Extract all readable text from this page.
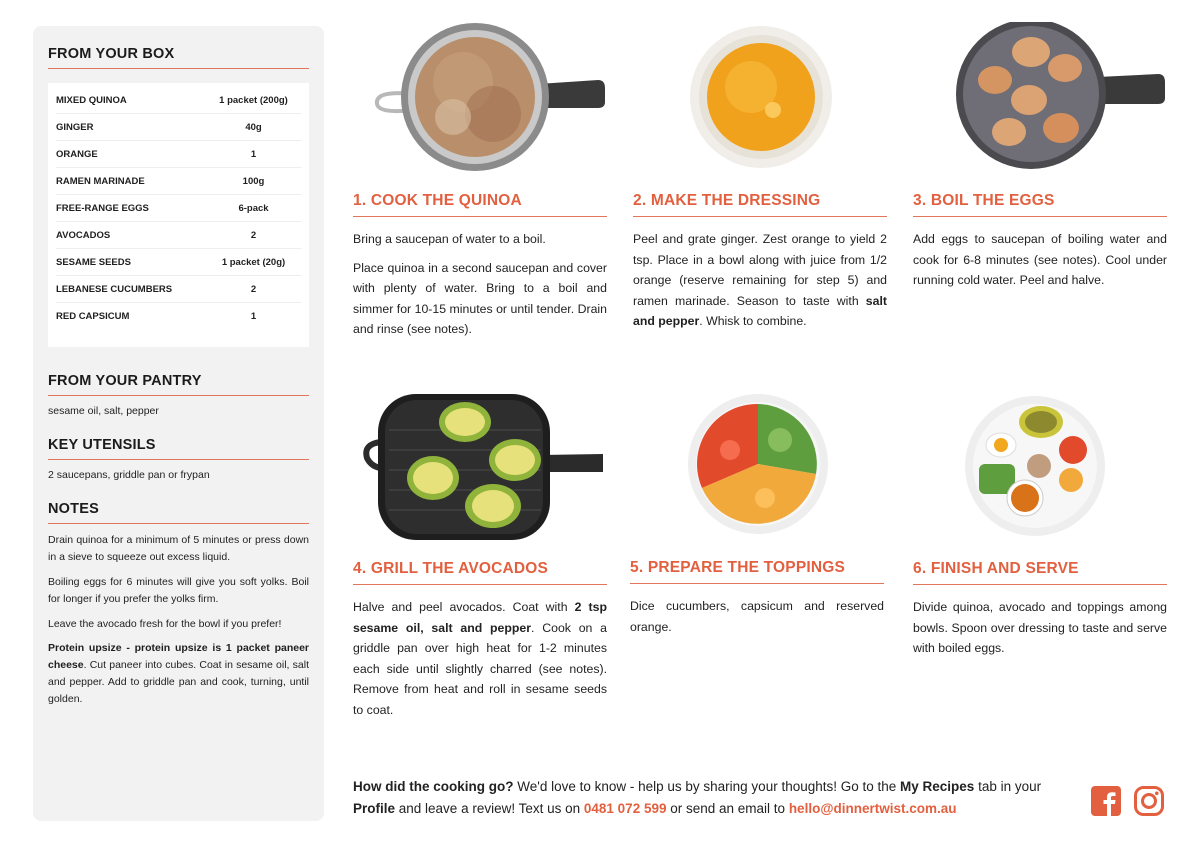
FROM YOUR BOX
MIXED QUINOA	1 packet (200g)
GINGER	40g
ORANGE	1
RAMEN MARINADE	100g
FREE-RANGE EGGS	6-pack
AVOCADOS	2
SESAME SEEDS	1 packet (20g)
LEBANESE CUCUMBERS	2
RED CAPSICUM	1
FROM YOUR PANTRY

sesame oil, salt, pepper

KEY UTENSILS

2 saucepans, griddle pan or frypan

NOTES

Drain quinoa for a minimum of 5 minutes or press down in a sieve to squeeze out excess liquid.

Boiling eggs for 6 minutes will give you soft yolks. Boil for longer if you prefer the yolks firm.

Leave the avocado fresh for the bowl if you prefer!

Protein upsize - protein upsize is 1 packet paneer cheese. Cut paneer into cubes. Coat in sesame oil, salt and pepper. Add to griddle pan and cook, turning, until golden.

1. COOK THE QUINOA

Bring a saucepan of water to a boil.

Place quinoa in a second saucepan and cover with plenty of water. Bring to a boil and simmer for 10-15 minutes or until tender. Drain and rinse (see notes).

2. MAKE THE DRESSING

Peel and grate ginger. Zest orange to yield 2 tsp. Place in a bowl along with juice from 1/2 orange (reserve remaining for step 5) and ramen marinade. Season to taste with salt and pepper. Whisk to combine.

3. BOIL THE EGGS

Add eggs to saucepan of boiling water and cook for 6-8 minutes (see notes). Cool under running cold water. Peel and halve.

4. GRILL THE AVOCADOS

Halve and peel avocados. Coat with 2 tsp sesame oil, salt and pepper. Cook on a griddle pan over high heat for 1-2 minutes each side until slightly charred (see notes). Remove from heat and roll in sesame seeds to coat.

5. PREPARE THE TOPPINGS

Dice cucumbers, capsicum and reserved orange.

6. FINISH AND SERVE

Divide quinoa, avocado and toppings among bowls. Spoon over dressing to taste and serve with boiled eggs.

How did the cooking go? We'd love to know - help us by sharing your thoughts! Go to the My Recipes tab in your Profile and leave a review! Text us on 0481 072 599 or send an email to hello@dinnertwist.com.au
